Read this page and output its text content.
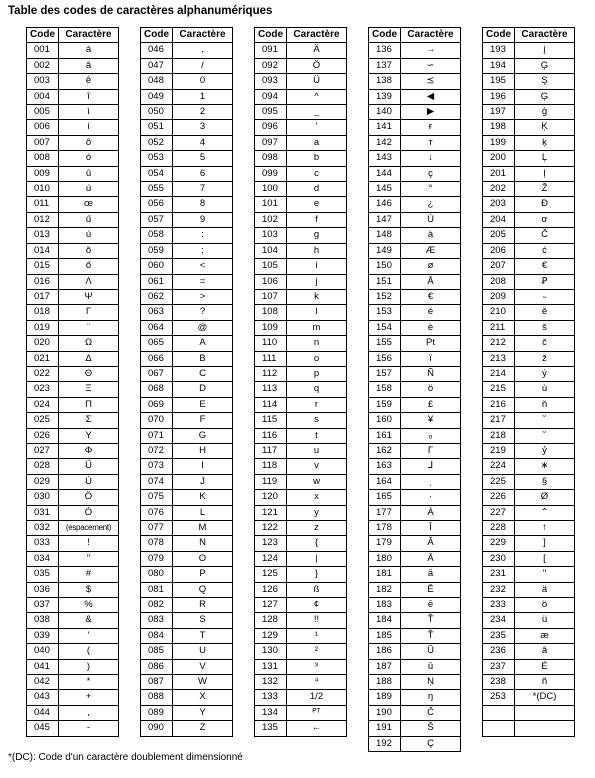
Table des codes de caractères alphanumériques
Code	Caractère
001	á
002	â
003	ê
004	î
005	ì
006	í
007	ô
008	ó
009	û
010	ú
011	œ
012	ű
013	ú
014	ŏ
015	ő
016	Λ
017	Ψ
018	Γ
019	¨
020	Ω
021	Δ
022	Θ
023	Ξ
024	Π
025	Σ
026	Υ
027	Φ
028	Ű
029	Ú
030	Ö
031	Ó
032	(espacement)
033	!
034	"
035	#
036	$
037	%
038	&
039	'
040	(
041	)
042	*
043	+
044	,
045	-
Code	Caractère
046	.
047	/
048	0
049	1
050	2
051	3
052	4
053	5
054	6
055	7
056	8
057	9
058	:
059	;
060	<
061	=
062	>
063	?
064	@
065	A
066	B
067	C
068	D
069	E
070	F
071	G
072	H
073	I
074	J
075	K
076	L
077	M
078	N
079	O
080	P
081	Q
082	R
083	S
084	T
085	U
086	V
087	W
088	X
089	Y
090	Z
Code	Caractère
091	Ä
092	Ö
093	Ü
094	^
095	_
096	'
097	a
098	b
099	c
100	d
101	e
102	f
103	g
104	h
105	i
106	j
107	k
108	l
109	m
110	n
111	o
112	p
113	q
114	r
115	s
116	t
117	u
118	v
119	w
120	x
121	y
122	z
123	{
124	|
125	}
126	ß
127	¢
128	!!
129	¹
130	²
131	³
132	⁴
133	1/2
134	ᴾᵀ
135	←
Code	Caractère
136	→
137	∽
138	⪯
139	◀
140	▶
141	ғ
142	ᴛ
143	↓
144	ç
145	°
146	¿
147	Ù
148	à
149	Æ
150	ø
151	Å
152	€
153	é
154	è
155	Pt
156	ï
157	Ñ
158	ö
159	£
160	¥
161	ₒ
162	Γ
163	⅃
164	ˎ
165	·
177	Á
178	Ī
179	Ǎ
180	Ā
181	ā
182	Ē
183	ē
184	Ť
185	Ť
186	Ū
187	ū
188	Ņ
189	ŋ
190	Č
191	Š
192	Ç
Code	Caractère
193	į
194	Ģ
195	Ş
196	Ģ
197	ģ
198	Ķ
199	ķ
200	Ļ
201	ļ
202	Ž
203	Đ
204	ơ
205	Č
206	ć
207	€
208	Ꝑ
209	˵
210	ě
211	š
212	č
213	ž
214	ý
215	ù
216	ň
217	˘
218	˘
219	ỷ
224	∗
225	§
226	Ø
227	⌃
228	↑
229	]
230	[
231	"
232	ä
233	ö
234	ü
235	æ
236	â
237	É
238	ñ
253	*(DC)

*(DC): Code d'un caractère doublement dimensionné
